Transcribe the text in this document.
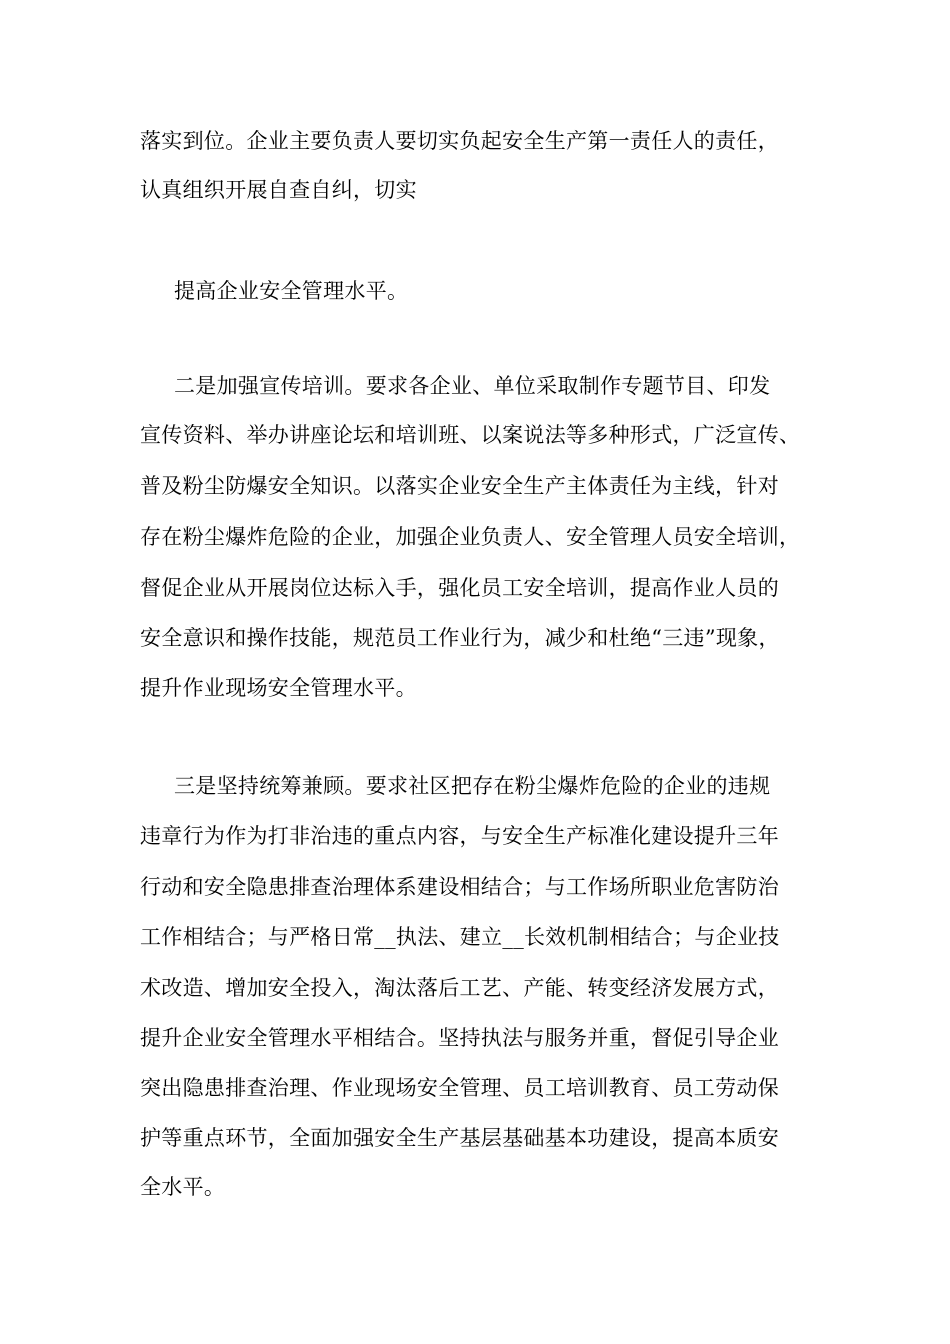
落实到位。企业主要负责人要切实负起安全生产第一责任人的责任，
认真组织开展自查自纠，切实
提高企业安全管理水平。
二是加强宣传培训。要求各企业、单位采取制作专题节目、印发
宣传资料、举办讲座论坛和培训班、以案说法等多种形式，广泛宣传、
普及粉尘防爆安全知识。以落实企业安全生产主体责任为主线，针对
存在粉尘爆炸危险的企业，加强企业负责人、安全管理人员安全培训，
督促企业从开展岗位达标入手，强化员工安全培训，提高作业人员的
安全意识和操作技能，规范员工作业行为，减少和杜绝“三违”现象，
提升作业现场安全管理水平。
三是坚持统筹兼顾。要求社区把存在粉尘爆炸危险的企业的违规
违章行为作为打非治违的重点内容，与安全生产标准化建设提升三年
行动和安全隐患排查治理体系建设相结合；与工作场所职业危害防治
工作相结合；与严格日常__执法、建立__长效机制相结合；与企业技
术改造、增加安全投入，淘汰落后工艺、产能、转变经济发展方式，
提升企业安全管理水平相结合。坚持执法与服务并重，督促引导企业
突出隐患排查治理、作业现场安全管理、员工培训教育、员工劳动保
护等重点环节，全面加强安全生产基层基础基本功建设，提高本质安
全水平。
